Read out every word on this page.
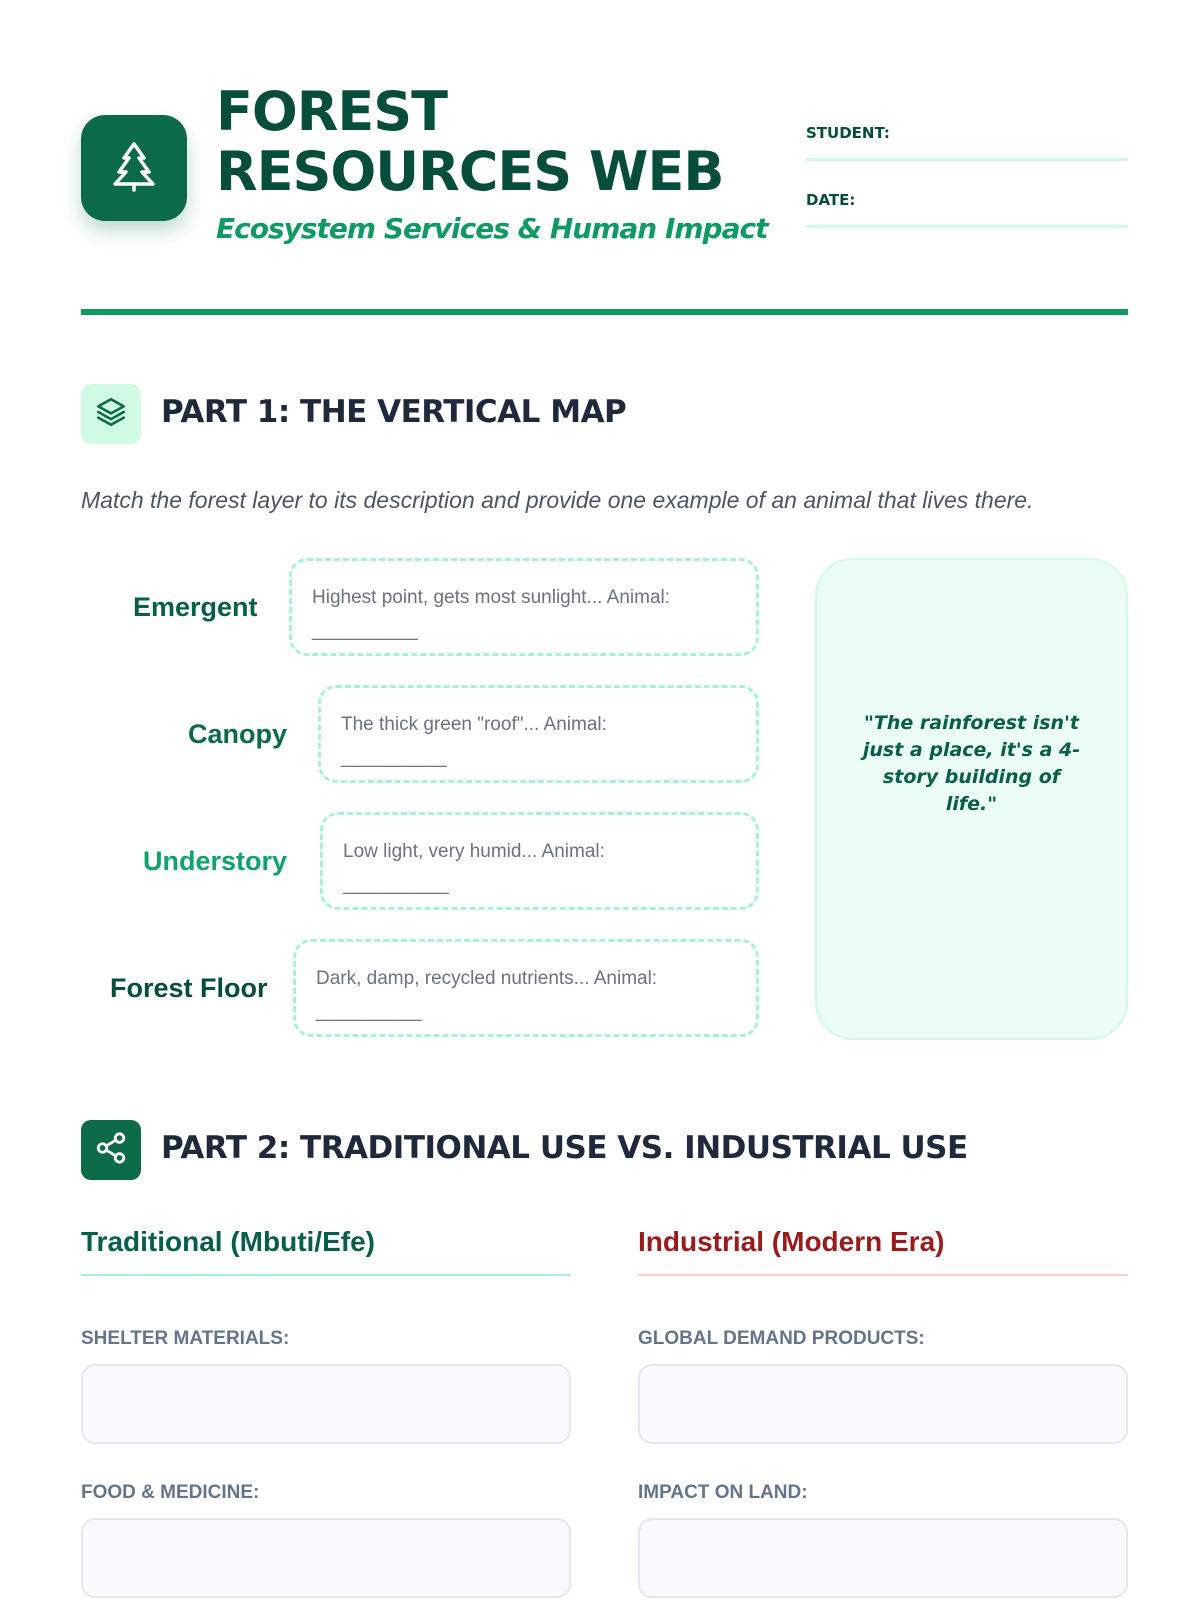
FOREST
RESOURCES WEB
Ecosystem Services & Human Impact
STUDENT:
DATE:
PART 1: THE VERTICAL MAP
Match the forest layer to its description and provide one example of an animal that lives there.
Emergent	Highest point, gets most sunlight... Animal:
__________
Canopy	The thick green "roof"... Animal:
__________
Understory	Low light, very humid... Animal:
__________
Forest Floor	Dark, damp, recycled nutrients... Animal:
__________
"The rainforest isn't just a place, it's a 4-story building of life."
PART 2: TRADITIONAL USE VS. INDUSTRIAL USE
Traditional (Mbuti/Efe)
SHELTER MATERIALS:
FOOD & MEDICINE:
Industrial (Modern Era)
GLOBAL DEMAND PRODUCTS:
IMPACT ON LAND:
